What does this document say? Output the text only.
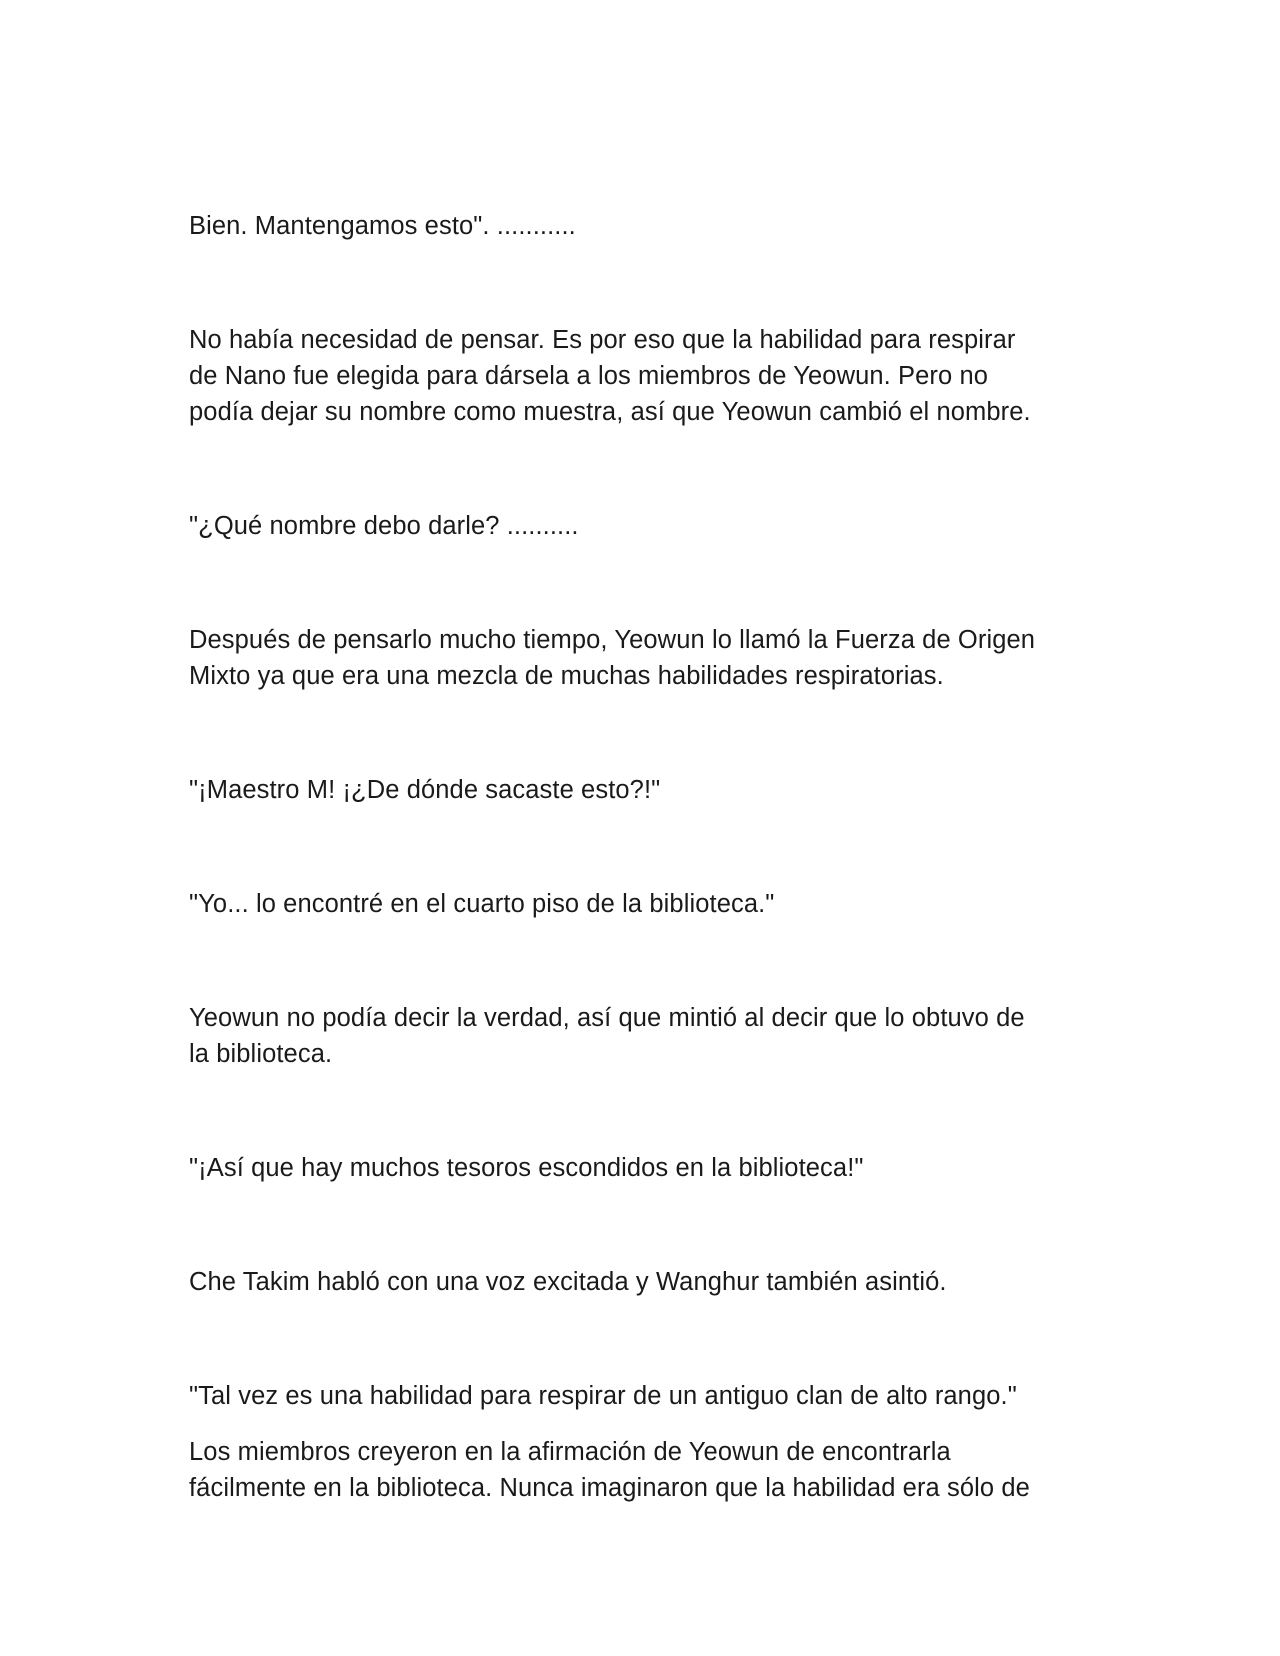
Bien. Mantengamos esto". ...........

No había necesidad de pensar. Es por eso que la habilidad para respirar
de Nano fue elegida para dársela a los miembros de Yeowun. Pero no
podía dejar su nombre como muestra, así que Yeowun cambió el nombre.

"¿Qué nombre debo darle? ..........

Después de pensarlo mucho tiempo, Yeowun lo llamó la Fuerza de Origen
Mixto ya que era una mezcla de muchas habilidades respiratorias.

"¡Maestro M! ¡¿De dónde sacaste esto?!"

"Yo... lo encontré en el cuarto piso de la biblioteca."

Yeowun no podía decir la verdad, así que mintió al decir que lo obtuvo de
la biblioteca.

"¡Así que hay muchos tesoros escondidos en la biblioteca!"

Che Takim habló con una voz excitada y Wanghur también asintió.

"Tal vez es una habilidad para respirar de un antiguo clan de alto rango."

Los miembros creyeron en la afirmación de Yeowun de encontrarla
fácilmente en la biblioteca. Nunca imaginaron que la habilidad era sólo de
